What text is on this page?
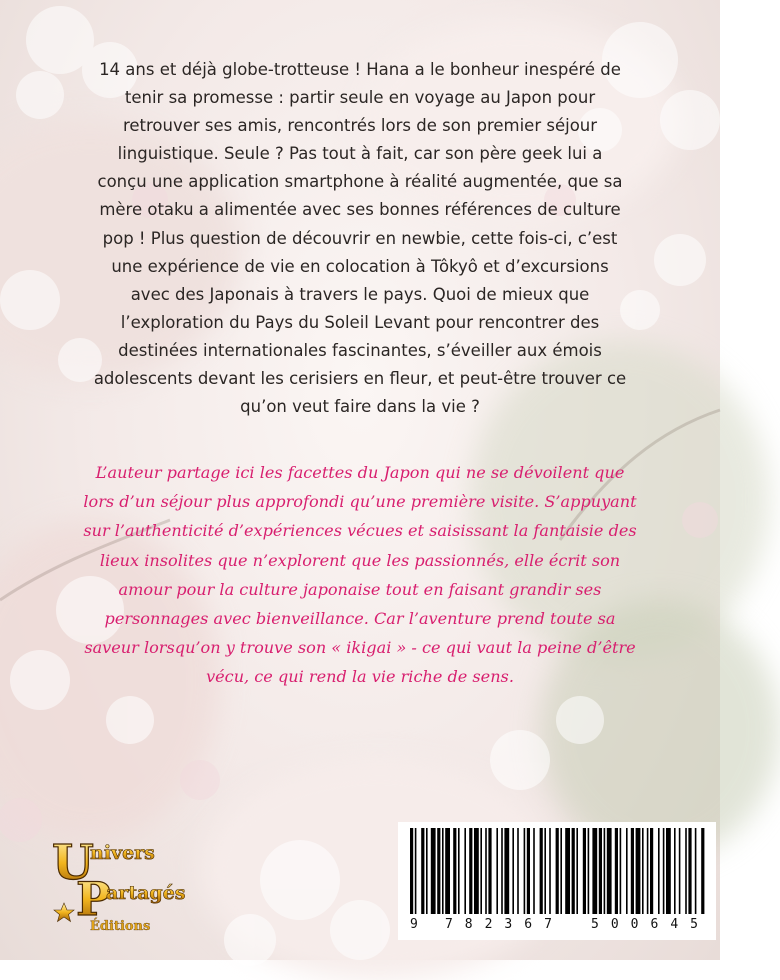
14 ans et déjà globe-trotteuse ! Hana a le bonheur inespéré de tenir sa promesse : partir seule en voyage au Japon pour retrouver ses amis, rencontrés lors de son premier séjour linguistique. Seule ? Pas tout à fait, car son père geek lui a conçu une application smartphone à réalité augmentée, que sa mère otaku a alimentée avec ses bonnes références de culture pop ! Plus question de découvrir en newbie, cette fois-ci, c’est une expérience de vie en colocation à Tôkyô et d’excursions avec des Japonais à travers le pays. Quoi de mieux que l’exploration du Pays du Soleil Levant pour rencontrer des destinées internationales fascinantes, s’éveiller aux émois adolescents devant les cerisiers en fleur, et peut-être trouver ce qu’on veut faire dans la vie ?

L’auteur partage ici les facettes du Japon qui ne se dévoilent que lors d’un séjour plus approfondi qu’une première visite. S’appuyant sur l’authenticité d’expériences vécues et saisissant la fantaisie des lieux insolites que n’explorent que les passionnés, elle écrit son amour pour la culture japonaise tout en faisant grandir ses personnages avec bienveillance. Car l’aventure prend toute sa saveur lorsqu’on y trouve son « ikigai » - ce qui vaut la peine d’être vécu, ce qui rend la vie riche de sens.

U
nivers
P
artagés
Éditions	9 782367 500645
